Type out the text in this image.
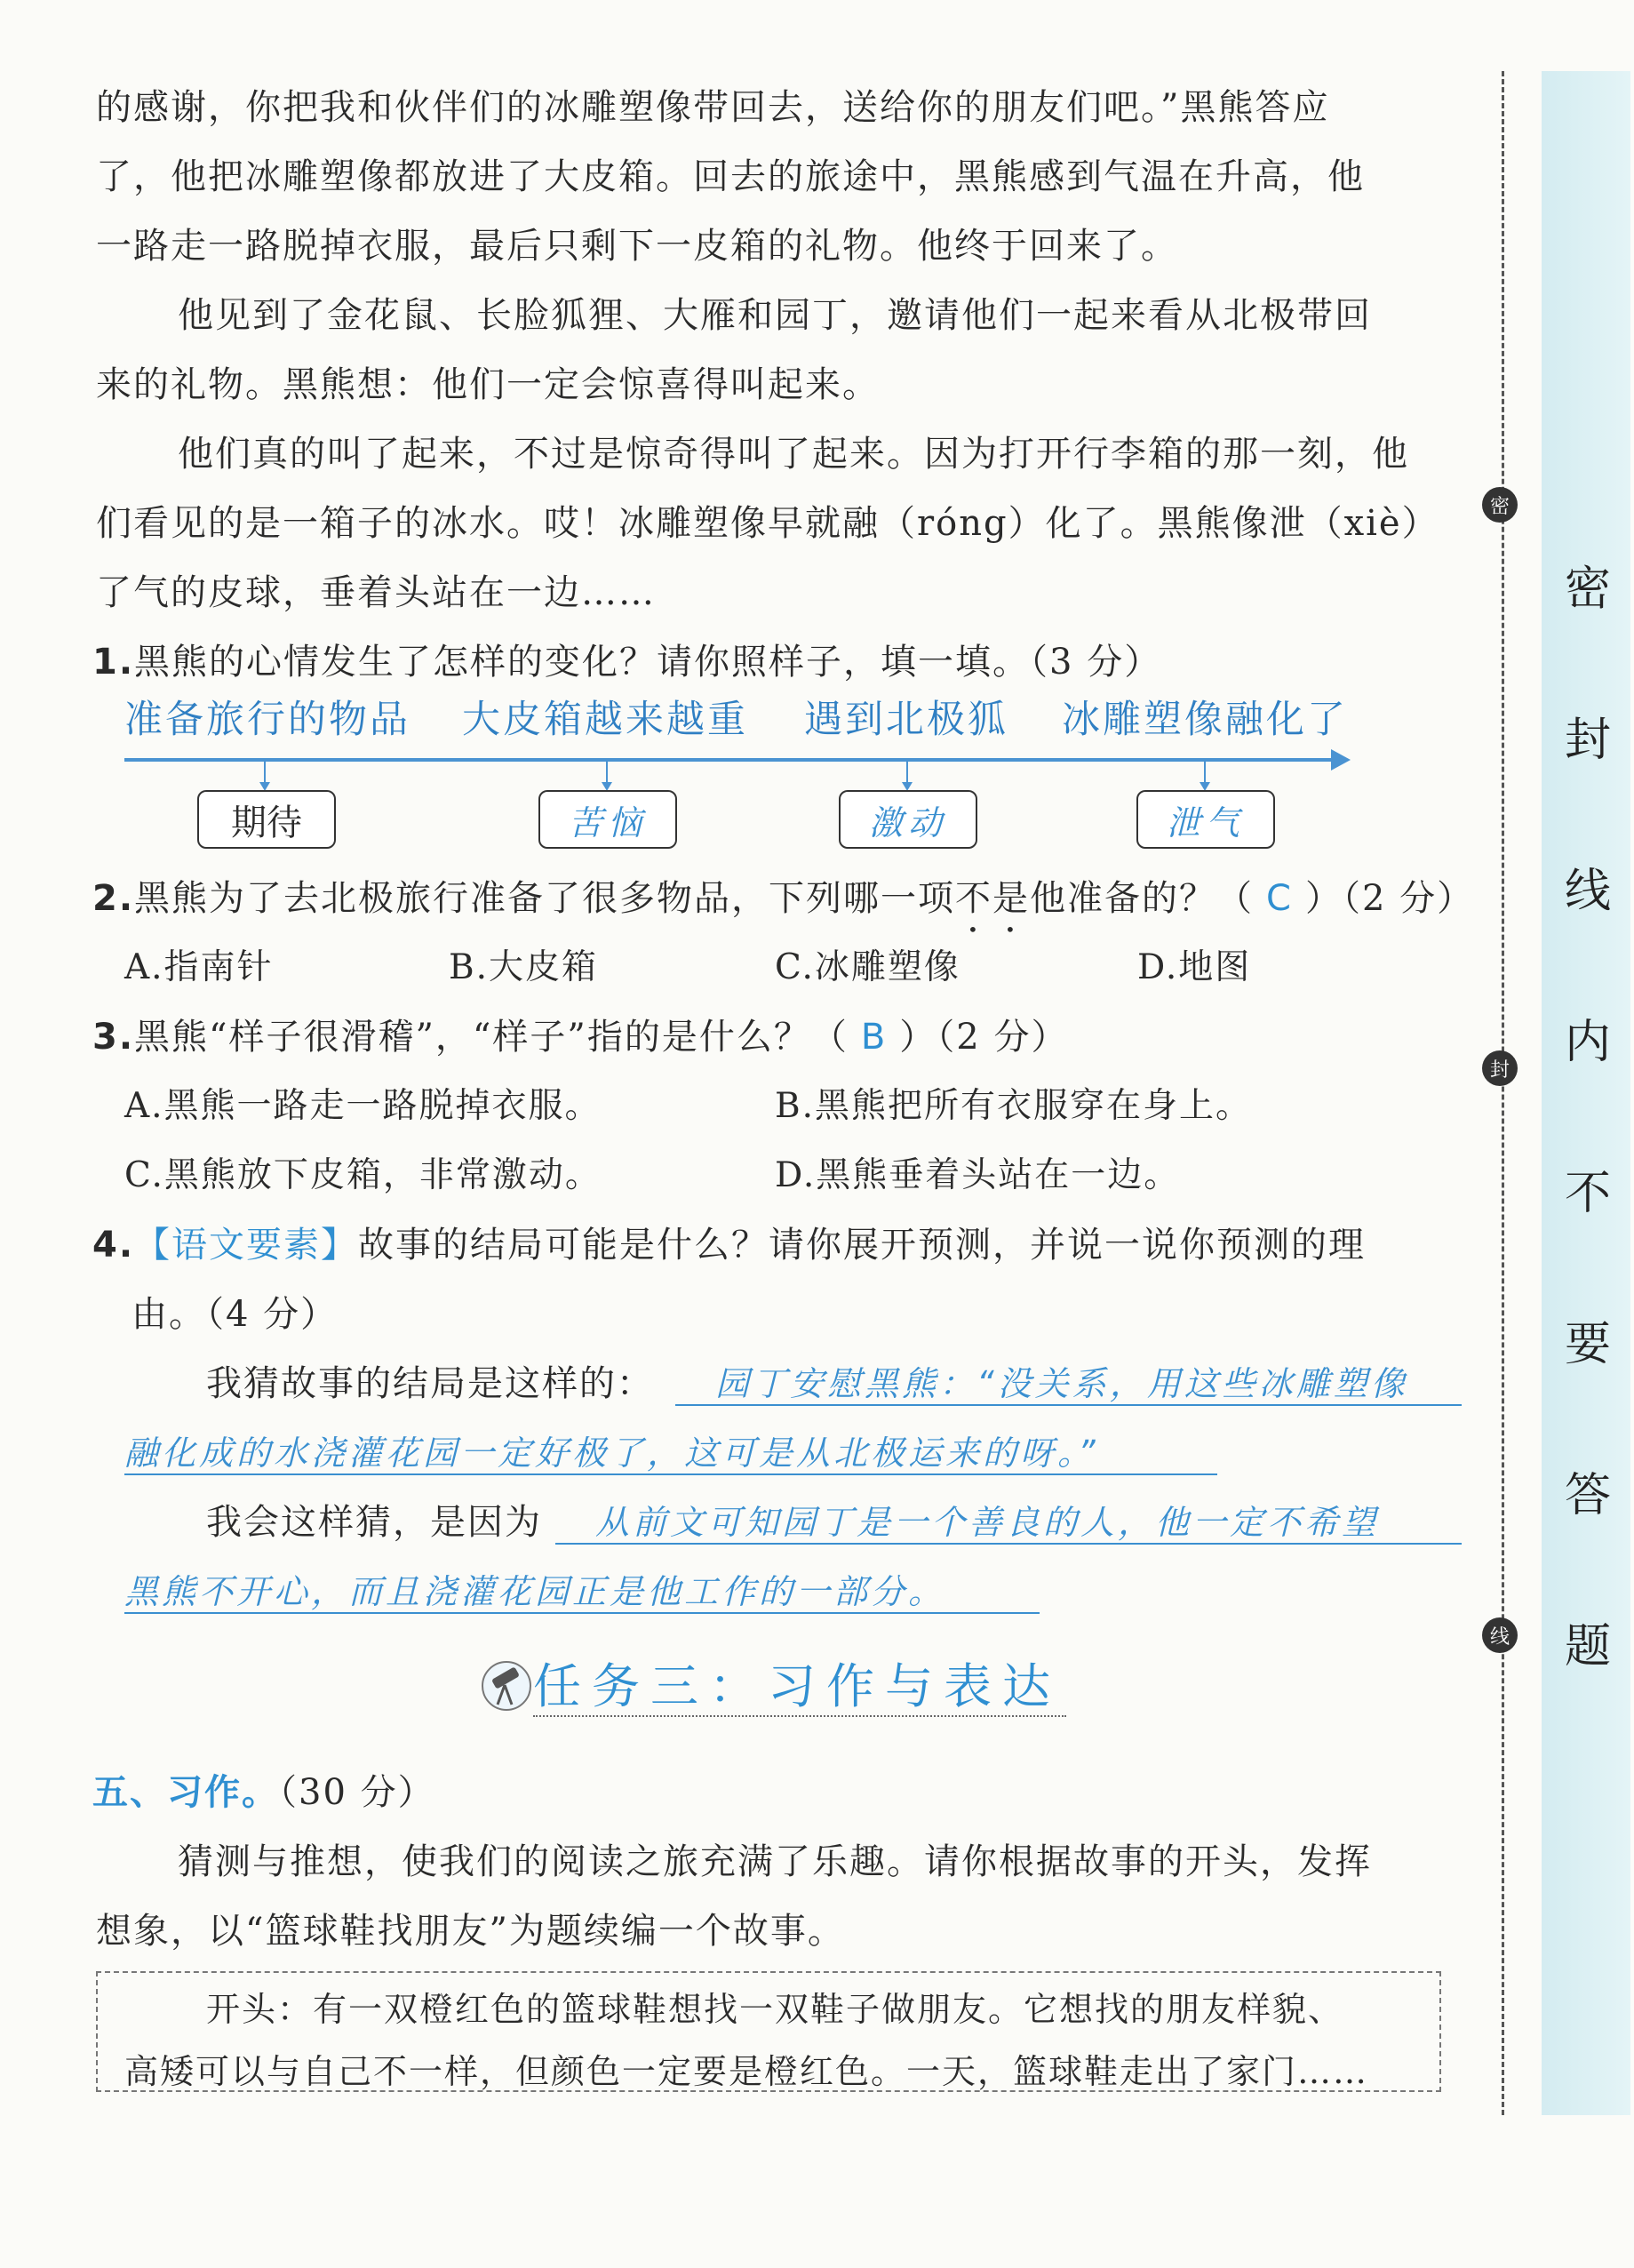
的感谢，你把我和伙伴们的冰雕塑像带回去，送给你的朋友们吧。”黑熊答应
了，他把冰雕塑像都放进了大皮箱。回去的旅途中，黑熊感到气温在升高，他
一路走一路脱掉衣服，最后只剩下一皮箱的礼物。他终于回来了。
他见到了金花鼠、长脸狐狸、大雁和园丁，邀请他们一起来看从北极带回
来的礼物。黑熊想：他们一定会惊喜得叫起来。
他们真的叫了起来，不过是惊奇得叫了起来。因为打开行李箱的那一刻，他
们看见的是一箱子的冰水。哎！冰雕塑像早就融（róng）化了。黑熊像泄（xiè）
了气的皮球，垂着头站在一边……
1.黑熊的心情发生了怎样的变化？请你照样子，填一填。（3 分）
准备旅行的物品 大皮箱越来越重 遇到北极狐 冰雕塑像融化了
期待	苦恼	激动	泄气
2.黑熊为了去北极旅行准备了很多物品，下列哪一项不是他准备的？（ C ）（2 分）
A.指南针	B.大皮箱	C.冰雕塑像	D.地图
3.黑熊“样子很滑稽”，“样子”指的是什么？（ B ）（2 分）
A.黑熊一路走一路脱掉衣服。	B.黑熊把所有衣服穿在身上。
C.黑熊放下皮箱，非常激动。	D.黑熊垂着头站在一边。
4.【语文要素】故事的结局可能是什么？请你展开预测，并说一说你预测的理
由。（4 分）
我猜故事的结局是这样的： 园丁安慰黑熊：“没关系，用这些冰雕塑像
融化成的水浇灌花园一定好极了，这可是从北极运来的呀。”
我会这样猜，是因为 从前文可知园丁是一个善良的人，他一定不希望
黑熊不开心，而且浇灌花园正是他工作的一部分。
任务三：习作与表达
五、习作。（30 分）
猜测与推想，使我们的阅读之旅充满了乐趣。请你根据故事的开头，发挥
想象，以“篮球鞋找朋友”为题续编一个故事。
开头：有一双橙红色的篮球鞋想找一双鞋子做朋友。它想找的朋友样貌、
高矮可以与自己不一样，但颜色一定要是橙红色。一天，篮球鞋走出了家门……
密
封
线
密
封
线
内
不
要
答
题
